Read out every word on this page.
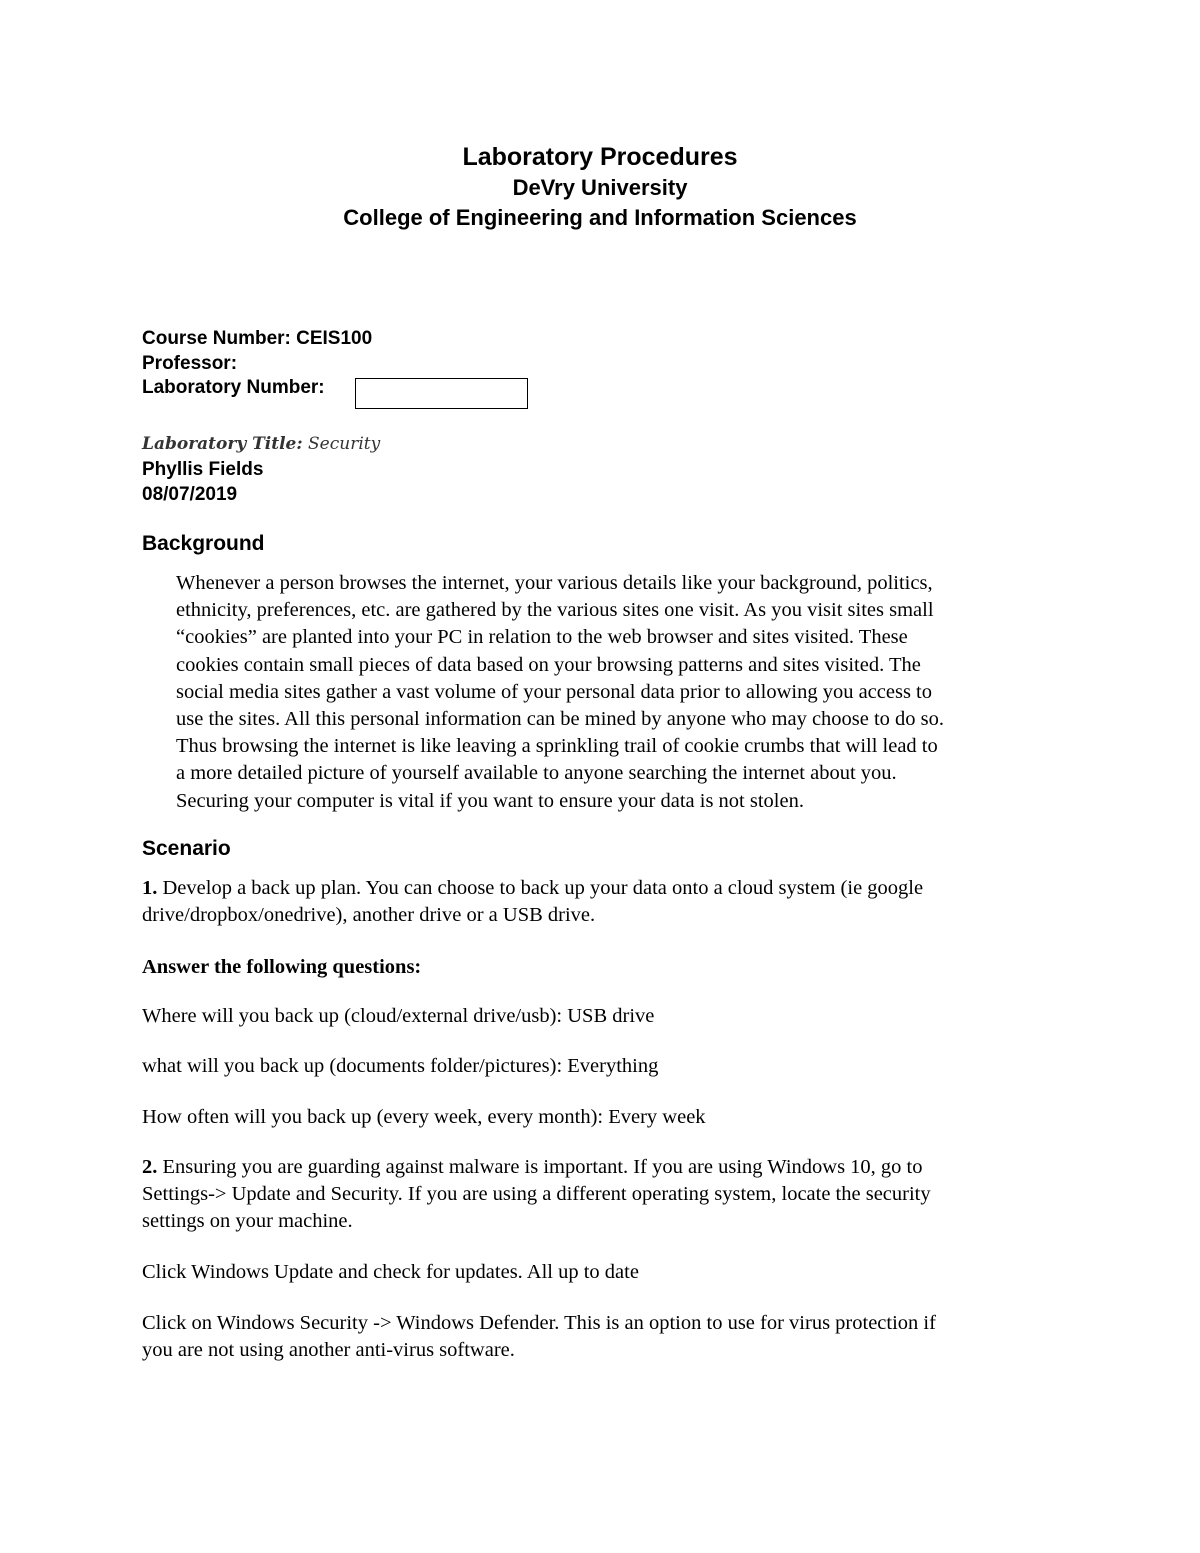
Laboratory Procedures
DeVry University
College of Engineering and Information Sciences
Course Number: CEIS100
Professor:
Laboratory Number:
Laboratory Title: Security
Phyllis Fields
08/07/2019
Background
Whenever a person browses the internet, your various details like your background, politics,
ethnicity, preferences, etc. are gathered by the various sites one visit. As you visit sites small
“cookies” are planted into your PC in relation to the web browser and sites visited. These
cookies contain small pieces of data based on your browsing patterns and sites visited. The
social media sites gather a vast volume of your personal data prior to allowing you access to
use the sites. All this personal information can be mined by anyone who may choose to do so.
Thus browsing the internet is like leaving a sprinkling trail of cookie crumbs that will lead to
a more detailed picture of yourself available to anyone searching the internet about you.
Securing your computer is vital if you want to ensure your data is not stolen.
Scenario
1. Develop a back up plan. You can choose to back up your data onto a cloud system (ie google
drive/dropbox/onedrive), another drive or a USB drive.
Answer the following questions:
Where will you back up (cloud/external drive/usb): USB drive
what will you back up (documents folder/pictures): Everything
How often will you back up (every week, every month): Every week
2. Ensuring you are guarding against malware is important. If you are using Windows 10, go to
Settings-> Update and Security. If you are using a different operating system, locate the security
settings on your machine.
Click Windows Update and check for updates. All up to date
Click on Windows Security -> Windows Defender. This is an option to use for virus protection if
you are not using another anti-virus software.
